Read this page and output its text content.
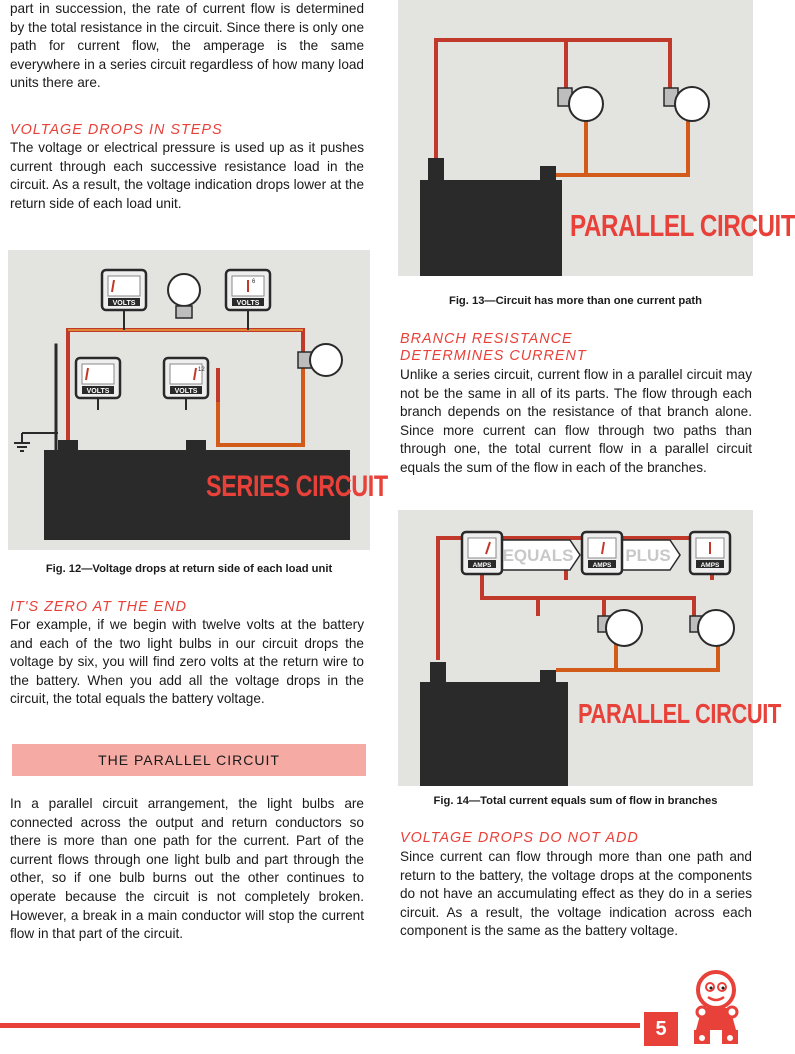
part in succession, the rate of current flow is determined by the total resistance in the circuit. Since there is only one path for current flow, the amperage is the same everywhere in a series circuit regardless of how many load units there are.

VOLTAGE DROPS IN STEPS

The voltage or electrical pressure is used up as it pushes current through each successive resistance load in the circuit. As a result, the voltage indication drops lower at the return side of each load unit.

VOLTS
6
VOLTS
VOLTS
12
VOLTS
SERIES CIRCUIT
Fig. 12—Voltage drops at return side of each load unit

IT'S ZERO AT THE END

For example, if we begin with twelve volts at the battery and each of the two light bulbs in our circuit drops the voltage by six, you will find zero volts at the return wire to the battery. When you add all the voltage drops in the circuit, the total equals the battery voltage.

THE PARALLEL CIRCUIT

In a parallel circuit arrangement, the light bulbs are connected across the output and return conductors so there is more than one path for the current. Part of the current flows through one light bulb and part through the other, so if one bulb burns out the other continues to operate because the circuit is not completely broken. However, a break in a main conductor will stop the current flow in that part of the circuit.

PARALLEL CIRCUIT
Fig. 13—Circuit has more than one current path

BRANCH RESISTANCE

DETERMINES CURRENT

Unlike a series circuit, current flow in a parallel circuit may not be the same in all of its parts. The flow through each branch depends on the resistance of that branch alone. Since more current can flow through two paths than through one, the total current flow in a parallel circuit equals the sum of the flow in each of the branches.

EQUALS	PLUS
AMPS	AMPS	AMPS
PARALLEL CIRCUIT
Fig. 14—Total current equals sum of flow in branches

VOLTAGE DROPS DO NOT ADD

Since current can flow through more than one path and return to the battery, the voltage drops at the components do not have an accumulating effect as they do in a series circuit. As a result, the voltage indication across each component is the same as the battery voltage.

5
